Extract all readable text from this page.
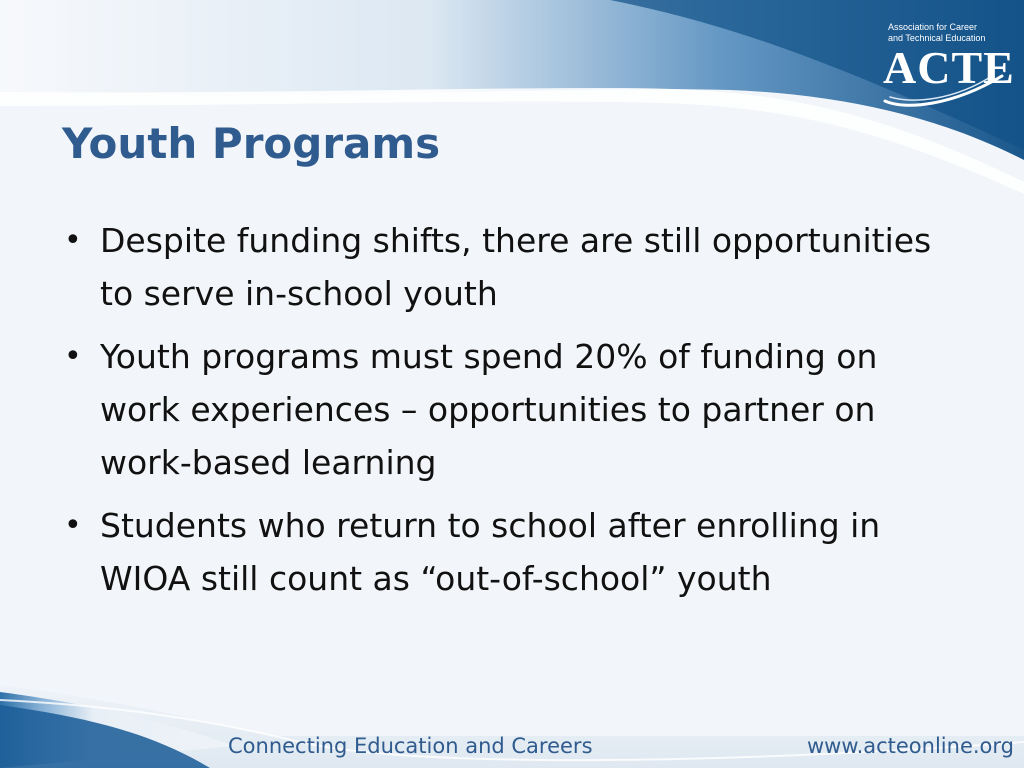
Association for Career
and Technical Education
ACTE
Youth Programs
• Despite funding shifts, there are still opportunities to serve in-school youth
• Youth programs must spend 20% of funding on work experiences – opportunities to partner on work-based learning
• Students who return to school after enrolling in WIOA still count as “out-of-school” youth
Connecting Education and Careers	www.acteonline.org
